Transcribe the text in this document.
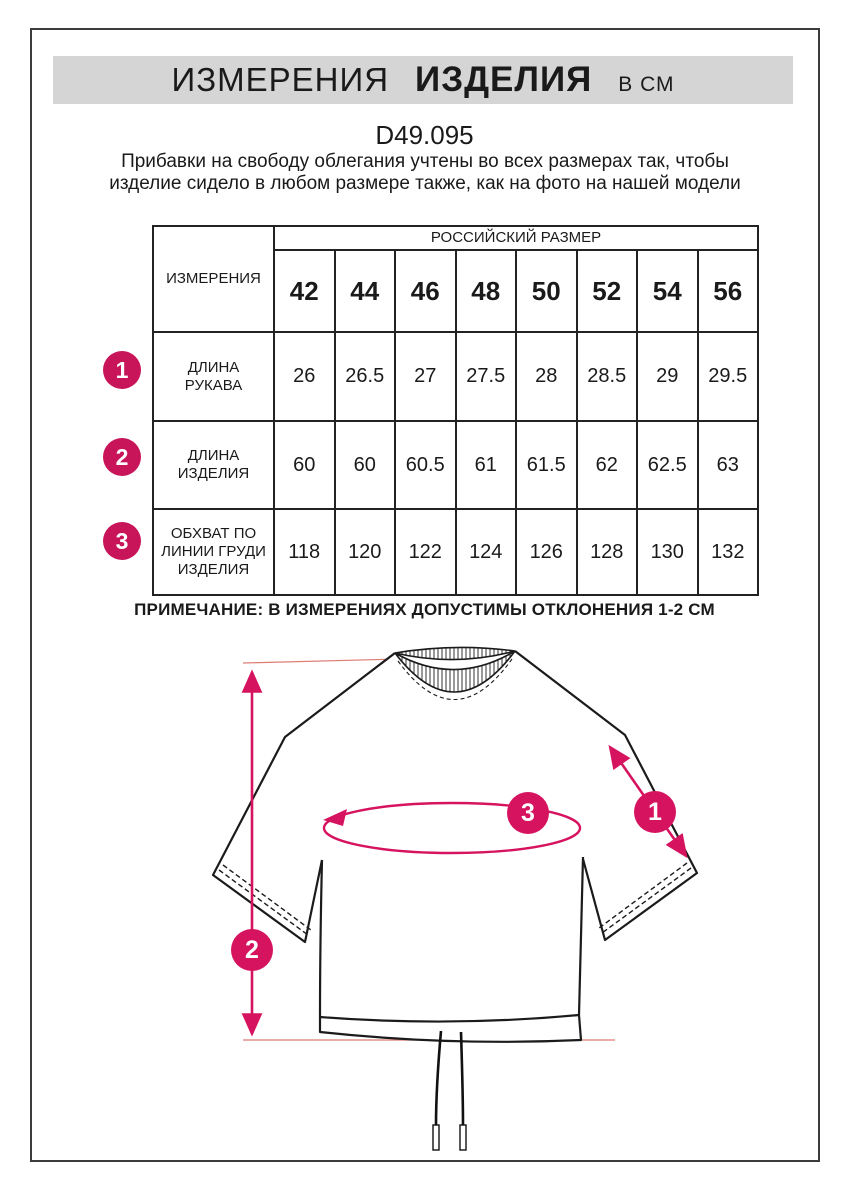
ИЗМЕРЕНИЯ ИЗДЕЛИЯ В СМ
D49.095
Прибавки на свободу облегания учтены во всех размерах так, чтобы изделие сидело в любом размере также, как на фото на нашей модели
ИЗМЕРЕНИЯ	РОССИЙСКИЙ РАЗМЕР							
	42	44	46	48	50	52	54	56
ДЛИНА РУКАВА	26	26.5	27	27.5	28	28.5	29	29.5
ДЛИНА ИЗДЕЛИЯ	60	60	60.5	61	61.5	62	62.5	63
ОБХВАТ ПО ЛИНИИ ГРУДИ ИЗДЕЛИЯ	118	120	122	124	126	128	130	132
1
2
3
ПРИМЕЧАНИЕ: В ИЗМЕРЕНИЯХ ДОПУСТИМЫ ОТКЛОНЕНИЯ 1-2 СМ
1
2
3
